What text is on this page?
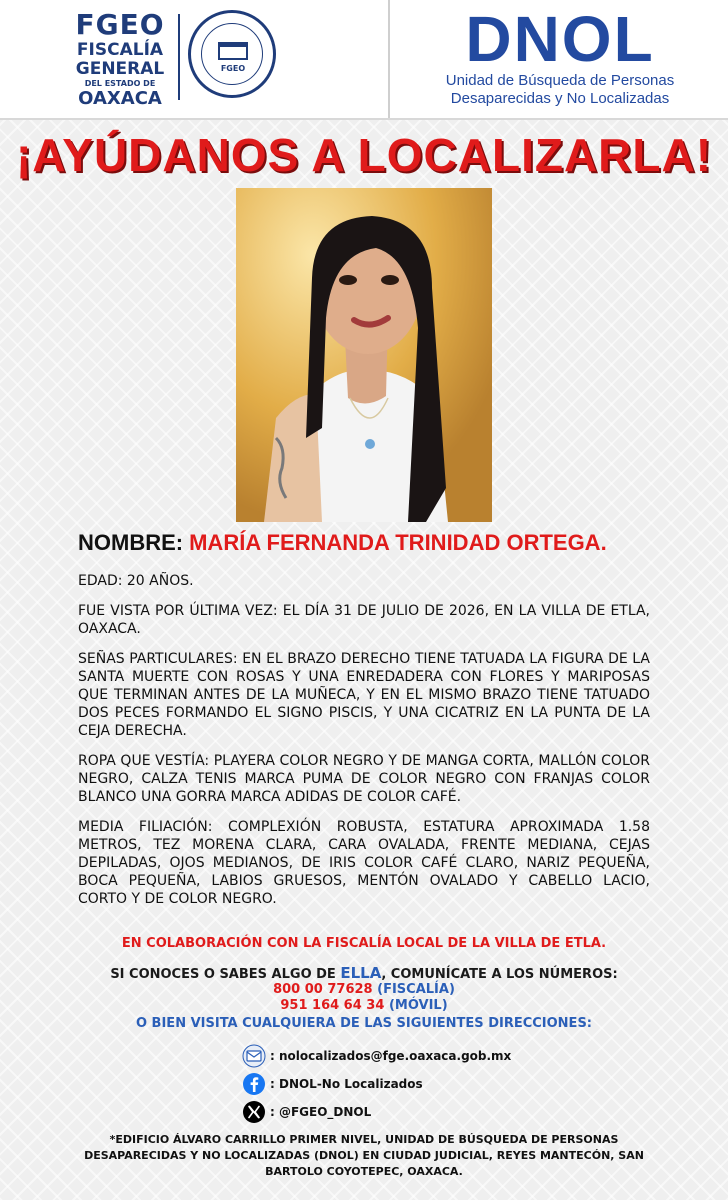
FGEO
FISCALÍA
GENERAL
DEL ESTADO DE
OAXACA
FGEO	DNOL
Unidad de Búsqueda de Personas
Desaparecidas y No Localizadas
¡AYÚDANOS A LOCALIZARLA!
NOMBRE: MARÍA FERNANDA TRINIDAD ORTEGA.

EDAD: 20 AÑOS.

FUE VISTA POR ÚLTIMA VEZ: EL DÍA 31 DE JULIO DE 2026, EN LA VILLA DE ETLA, OAXACA.

SEÑAS PARTICULARES: EN EL BRAZO DERECHO TIENE TATUADA LA FIGURA DE LA SANTA MUERTE CON ROSAS Y UNA ENREDADERA CON FLORES Y MARIPOSAS QUE TERMINAN ANTES DE LA MUÑECA, Y EN EL MISMO BRAZO TIENE TATUADO DOS PECES FORMANDO EL SIGNO PISCIS, Y UNA CICATRIZ EN LA PUNTA DE LA CEJA DERECHA.

ROPA QUE VESTÍA: PLAYERA COLOR NEGRO Y DE MANGA CORTA, MALLÓN COLOR NEGRO, CALZA TENIS MARCA PUMA DE COLOR NEGRO CON FRANJAS COLOR BLANCO UNA GORRA MARCA ADIDAS DE COLOR CAFÉ.

MEDIA FILIACIÓN: COMPLEXIÓN ROBUSTA, ESTATURA APROXIMADA 1.58 METROS, TEZ MORENA CLARA, CARA OVALADA, FRENTE MEDIANA, CEJAS DEPILADAS, OJOS MEDIANOS, DE IRIS COLOR CAFÉ CLARO, NARIZ PEQUEÑA, BOCA PEQUEÑA, LABIOS GRUESOS, MENTÓN OVALADO Y CABELLO LACIO, CORTO Y DE COLOR NEGRO.

EN COLABORACIÓN CON LA FISCALÍA LOCAL DE LA VILLA DE ETLA.
SI CONOCES O SABES ALGO DE ELLA, COMUNÍCATE A LOS NÚMEROS:
800 00 77628 (FISCALÍA)
951 164 64 34 (MÓVIL)
O BIEN VISITA CUALQUIERA DE LAS SIGUIENTES DIRECCIONES:
: nolocalizados@fge.oaxaca.gob.mx
: DNOL-No Localizados
: @FGEO_DNOL
*EDIFICIO ÁLVARO CARRILLO PRIMER NIVEL, UNIDAD DE BÚSQUEDA DE PERSONAS DESAPARECIDAS Y NO LOCALIZADAS (DNOL) EN CIUDAD JUDICIAL, REYES MANTECÓN, SAN BARTOLO COYOTEPEC, OAXACA.
